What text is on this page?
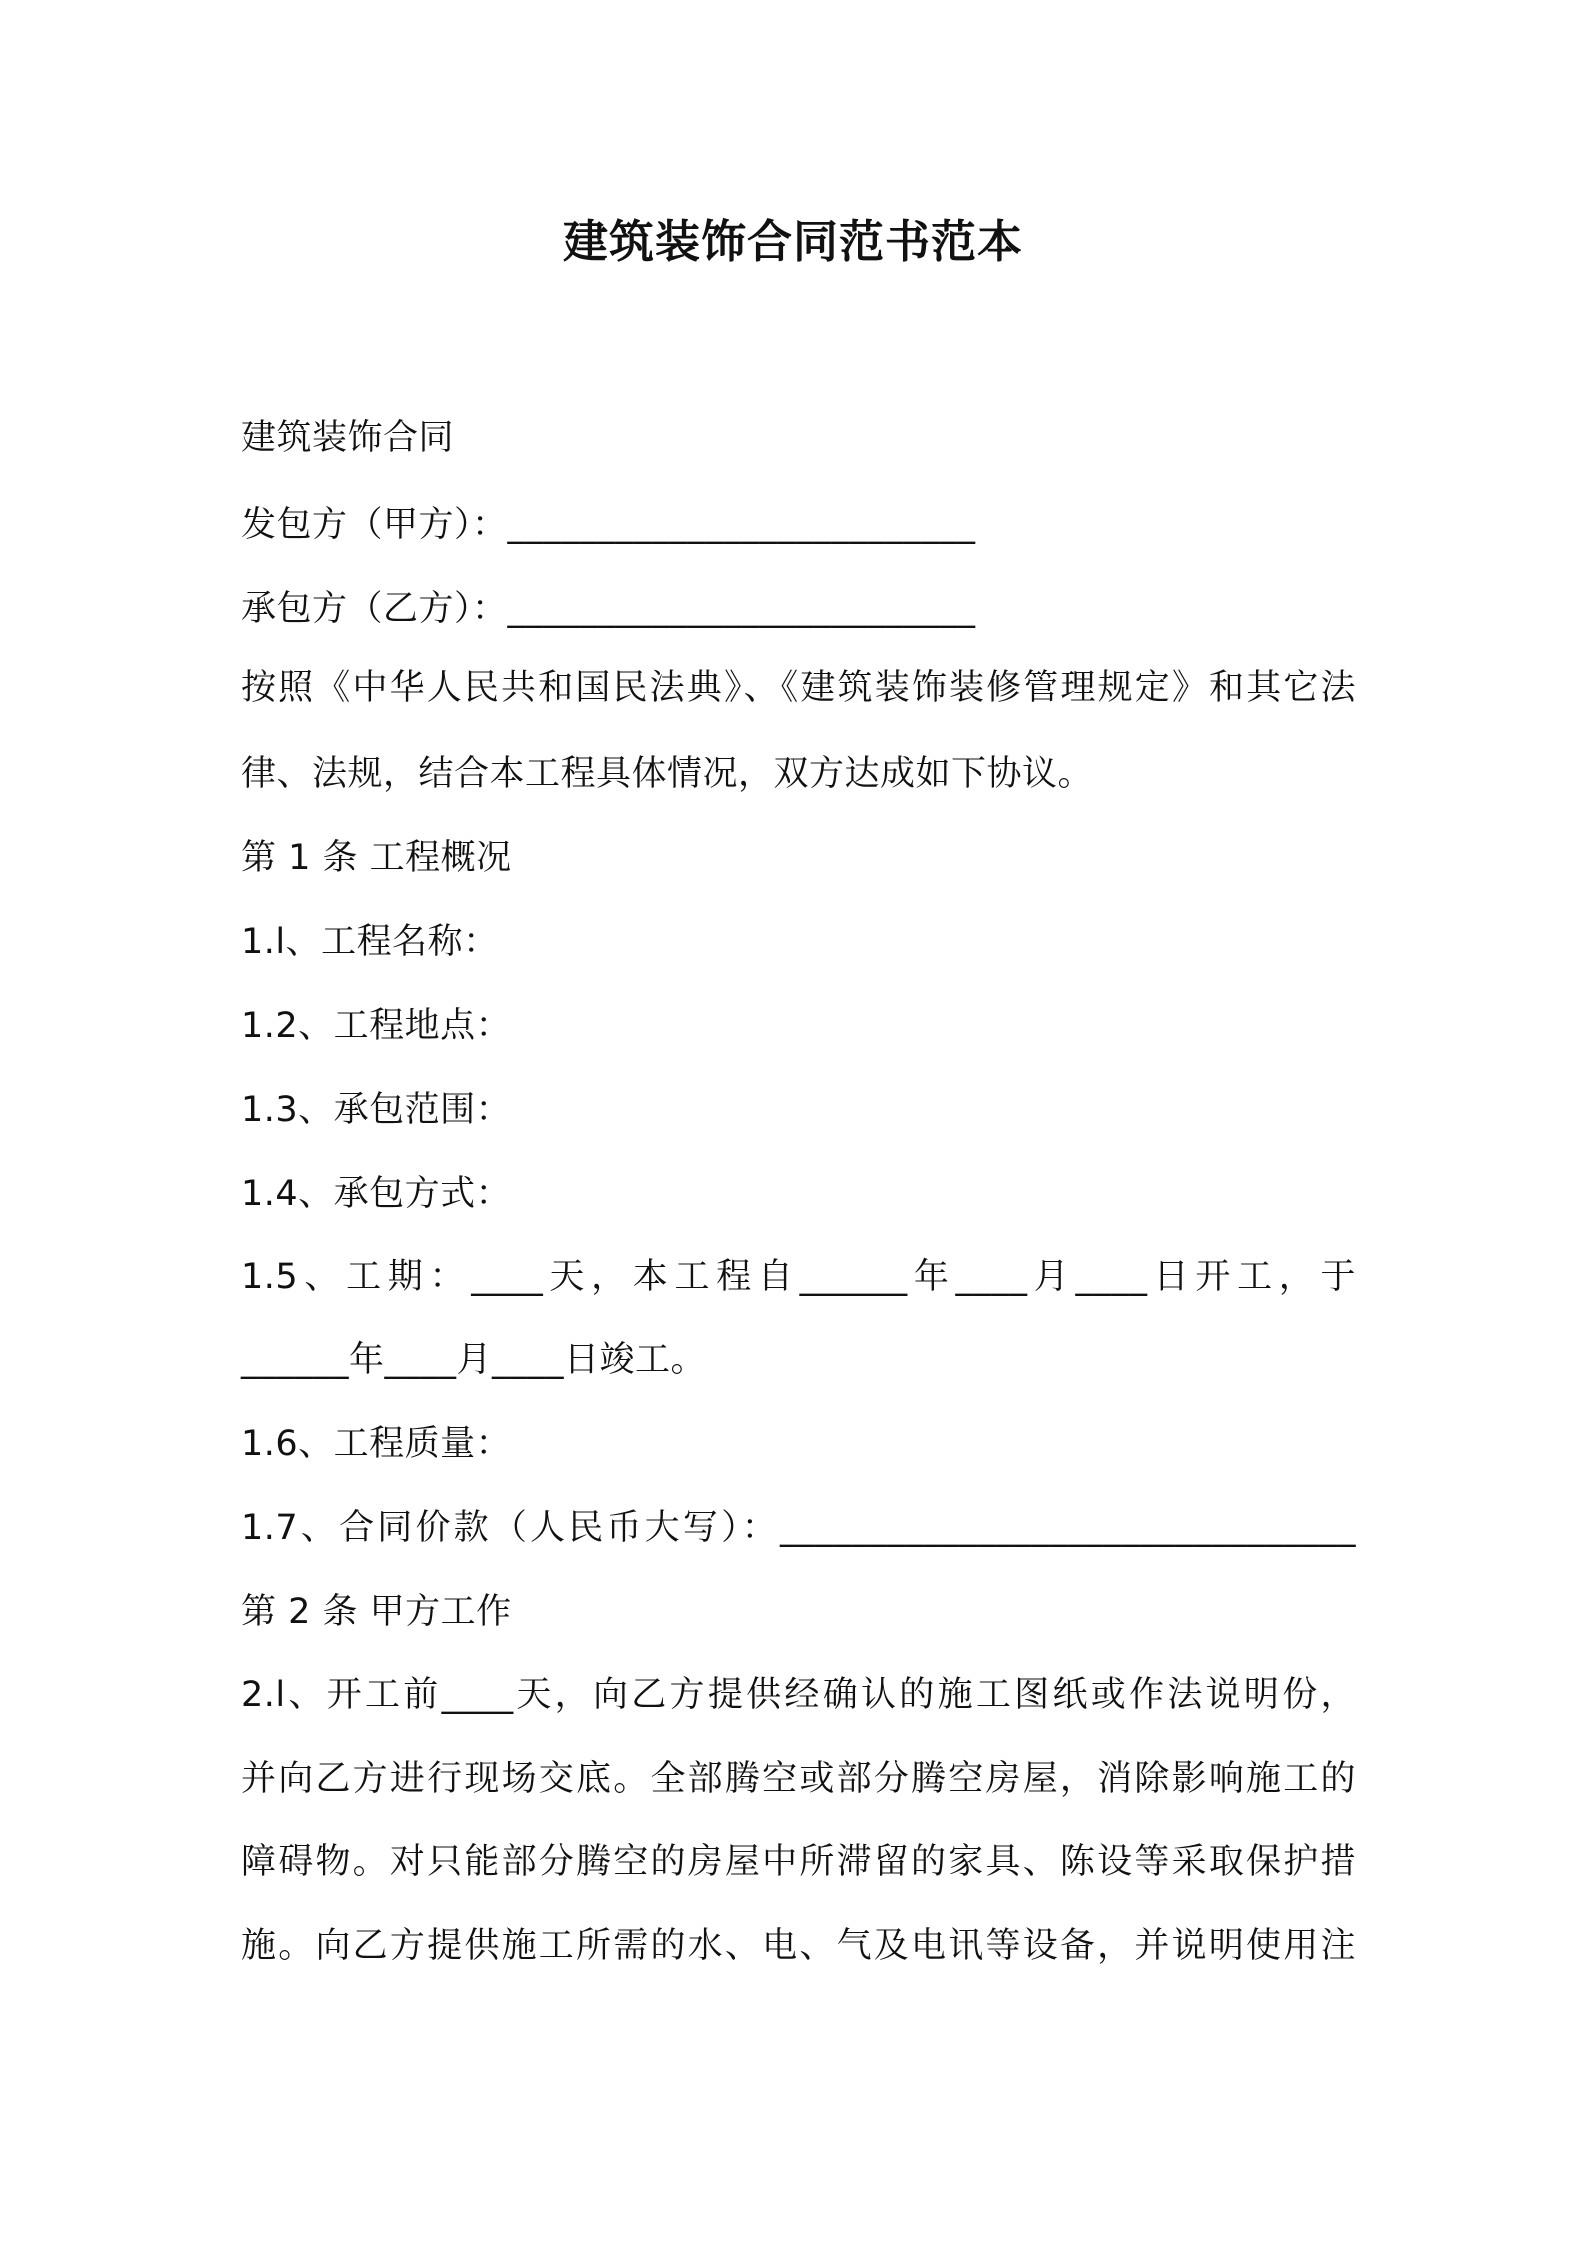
建筑装饰合同范书范本
建筑装饰合同
发包方（甲方）：__________________________
承包方（乙方）：__________________________
按照《中华人民共和国民法典》、《建筑装饰装修管理规定》和其它法
律、法规，结合本工程具体情况，双方达成如下协议。
第 1 条 工程概况
1.l、工程名称：
1.2、工程地点：
1.3、承包范围：
1.4、承包方式：
1.5、工期：____天，本工程自______年____月____日开工，于
______年____月____日竣工。
1.6、工程质量：
1.7、合同价款（人民币大写）：________________________________
第 2 条 甲方工作
2.l、开工前____天，向乙方提供经确认的施工图纸或作法说明份，
并向乙方进行现场交底。全部腾空或部分腾空房屋，消除影响施工的
障碍物。对只能部分腾空的房屋中所滞留的家具、陈设等采取保护措
施。向乙方提供施工所需的水、电、气及电讯等设备，并说明使用注
